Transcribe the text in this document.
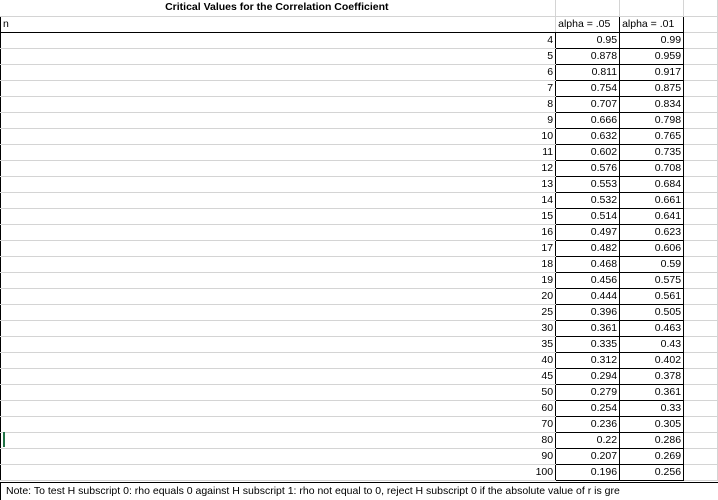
Critical Values for the Correlation Coefficient			
n	alpha = .05	alpha = .01	
4	0.95	0.99	
5	0.878	0.959	
6	0.811	0.917	
7	0.754	0.875	
8	0.707	0.834	
9	0.666	0.798	
10	0.632	0.765	
11	0.602	0.735	
12	0.576	0.708	
13	0.553	0.684	
14	0.532	0.661	
15	0.514	0.641	
16	0.497	0.623	
17	0.482	0.606	
18	0.468	0.59	
19	0.456	0.575	
20	0.444	0.561	
25	0.396	0.505	
30	0.361	0.463	
35	0.335	0.43	
40	0.312	0.402	
45	0.294	0.378	
50	0.279	0.361	
60	0.254	0.33	
70	0.236	0.305	
80	0.22	0.286	
90	0.207	0.269	
100	0.196	0.256	
Note: To test H subscript 0: rho equals 0 against H subscript 1: rho not equal to 0, reject H subscript 0 if the absolute value of r is gre
